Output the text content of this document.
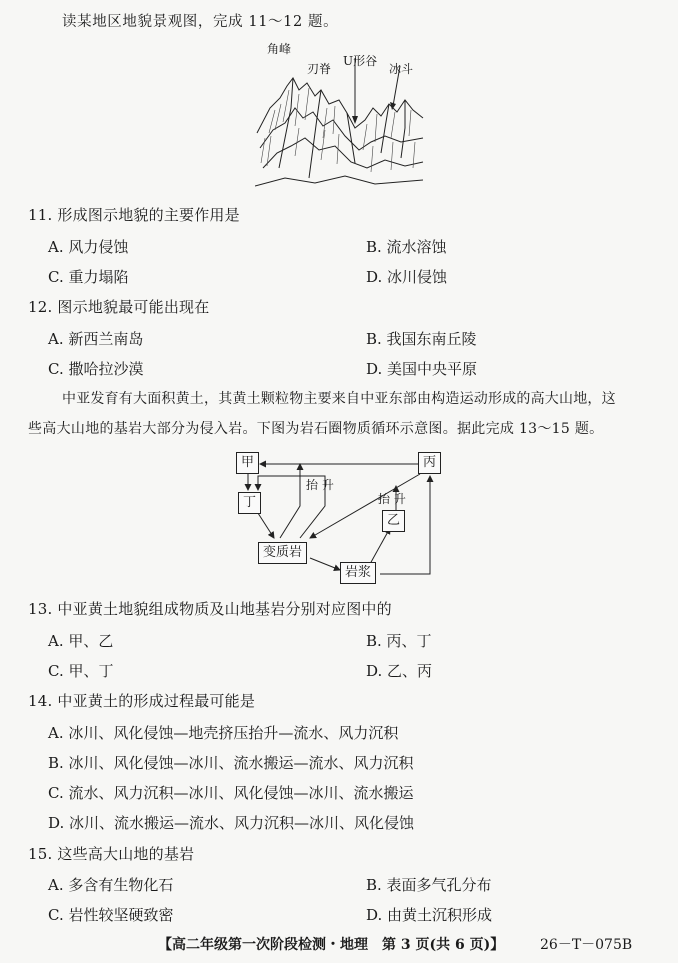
读某地区地貌景观图，完成 11～12 题。
角峰
刃脊
U形谷
冰斗
11. 形成图示地貌的主要作用是
A. 风力侵蚀	B. 流水溶蚀
C. 重力塌陷	D. 冰川侵蚀
12. 图示地貌最可能出现在
A. 新西兰南岛	B. 我国东南丘陵
C. 撒哈拉沙漠	D. 美国中央平原
中亚发育有大面积黄土，其黄土颗粒物主要来自中亚东部由构造运动形成的高大山地，这
些高大山地的基岩大部分为侵入岩。下图为岩石圈物质循环示意图。据此完成 13～15 题。
甲	丙
丁
乙
变质岩
岩浆
抬 升
抬 升
13. 中亚黄土地貌组成物质及山地基岩分别对应图中的
A. 甲、乙	B. 丙、丁
C. 甲、丁	D. 乙、丙
14. 中亚黄土的形成过程最可能是
A. 冰川、风化侵蚀—地壳挤压抬升—流水、风力沉积
B. 冰川、风化侵蚀—冰川、流水搬运—流水、风力沉积
C. 流水、风力沉积—冰川、风化侵蚀—冰川、流水搬运
D. 冰川、流水搬运—流水、风力沉积—冰川、风化侵蚀
15. 这些高大山地的基岩
A. 多含有生物化石	B. 表面多气孔分布
C. 岩性较坚硬致密	D. 由黄土沉积形成
【高二年级第一次阶段检测・地理　第 3 页(共 6 页)】	26－T－075B
